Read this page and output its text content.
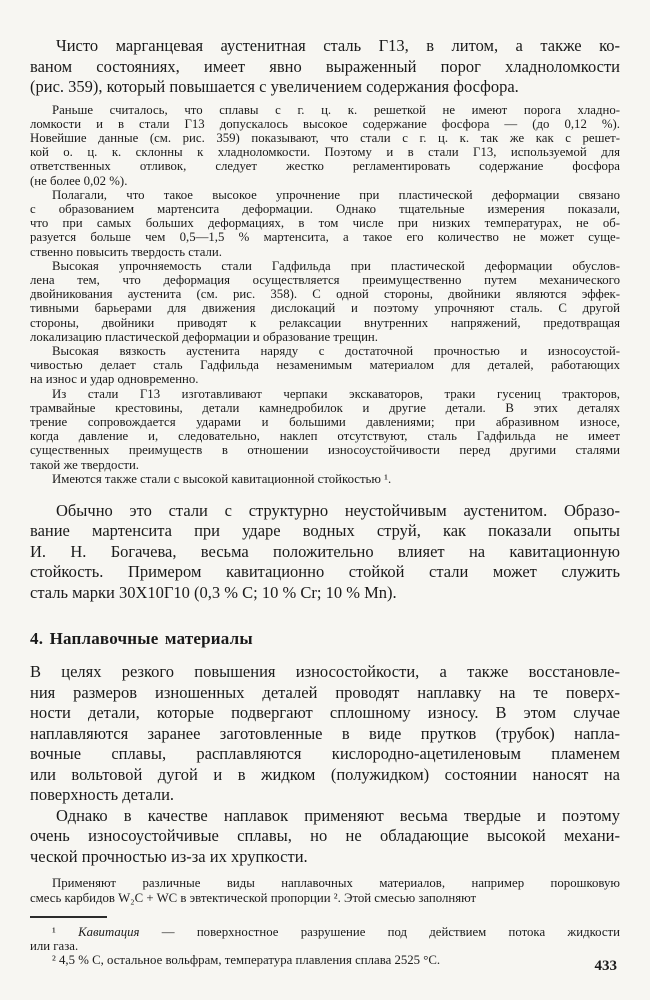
Чисто марганцевая аустенитная сталь Г13, в литом, а также ко-
ваном состояниях, имеет явно выраженный порог хладноломкости
(рис. 359), который повышается с увеличением содержания фосфора.
Раньше считалось, что сплавы с г. ц. к. решеткой не имеют порога хладно-
ломкости и в стали Г13 допускалось высокое содержание фосфора — (до 0,12 %).
Новейшие данные (см. рис. 359) показывают, что стали с г. ц. к. так же как с решет-
кой о. ц. к. склонны к хладноломкости. Поэтому и в стали Г13, используемой для
ответственных отливок, следует жестко регламентировать содержание фосфора
(не более 0,02 %).
Полагали, что такое высокое упрочнение при пластической деформации связано
с образованием мартенсита деформации. Однако тщательные измерения показали,
что при самых больших деформациях, в том числе при низких температурах, не об-
разуется больше чем 0,5—1,5 % мартенсита, а такое его количество не может суще-
ственно повысить твердость стали.
Высокая упрочняемость стали Гадфильда при пластической деформации обуслов-
лена тем, что деформация осуществляется преимущественно путем механического
двойникования аустенита (см. рис. 358). С одной стороны, двойники являются эффек-
тивными барьерами для движения дислокаций и поэтому упрочняют сталь. С другой
стороны, двойники приводят к релаксации внутренних напряжений, предотвращая
локализацию пластической деформации и образование трещин.
Высокая вязкость аустенита наряду с достаточной прочностью и износоустой-
чивостью делает сталь Гадфильда незаменимым материалом для деталей, работающих
на износ и удар одновременно.
Из стали Г13 изготавливают черпаки экскаваторов, траки гусениц тракторов,
трамвайные крестовины, детали камнедробилок и другие детали. В этих деталях
трение сопровождается ударами и большими давлениями; при абразивном износе,
когда давление и, следовательно, наклеп отсутствуют, сталь Гадфильда не имеет
существенных преимуществ в отношении износоустойчивости перед другими сталями
такой же твердости.
Имеются также стали с высокой кавитационной стойкостью ¹.
Обычно это стали с структурно неустойчивым аустенитом. Образо-
вание мартенсита при ударе водных струй, как показали опыты
И. Н. Богачева, весьма положительно влияет на кавитационную
стойкость. Примером кавитационно стойкой стали может служить
сталь марки 30Х10Г10 (0,3 % C; 10 % Cr; 10 % Mn).
4. Наплавочные материалы
В целях резкого повышения износостойкости, а также восстановле-
ния размеров изношенных деталей проводят наплавку на те поверх-
ности детали, которые подвергают сплошному износу. В этом случае
наплавляются заранее заготовленные в виде прутков (трубок) напла-
вочные сплавы, расплавляются кислородно-ацетиленовым пламенем
или вольтовой дугой и в жидком (полужидком) состоянии наносят на
поверхность детали.
Однако в качестве наплавок применяют весьма твердые и поэтому
очень износоустойчивые сплавы, но не обладающие высокой механи-
ческой прочностью из-за их хрупкости.
Применяют различные виды наплавочных материалов, например порошковую
смесь карбидов W₂C + WC в эвтектической пропорции ². Этой смесью заполняют
¹ Кавитация — поверхностное разрушение под действием потока жидкости
или газа.
² 4,5 % C, остальное вольфрам, температура плавления сплава 2525 °C.	433
